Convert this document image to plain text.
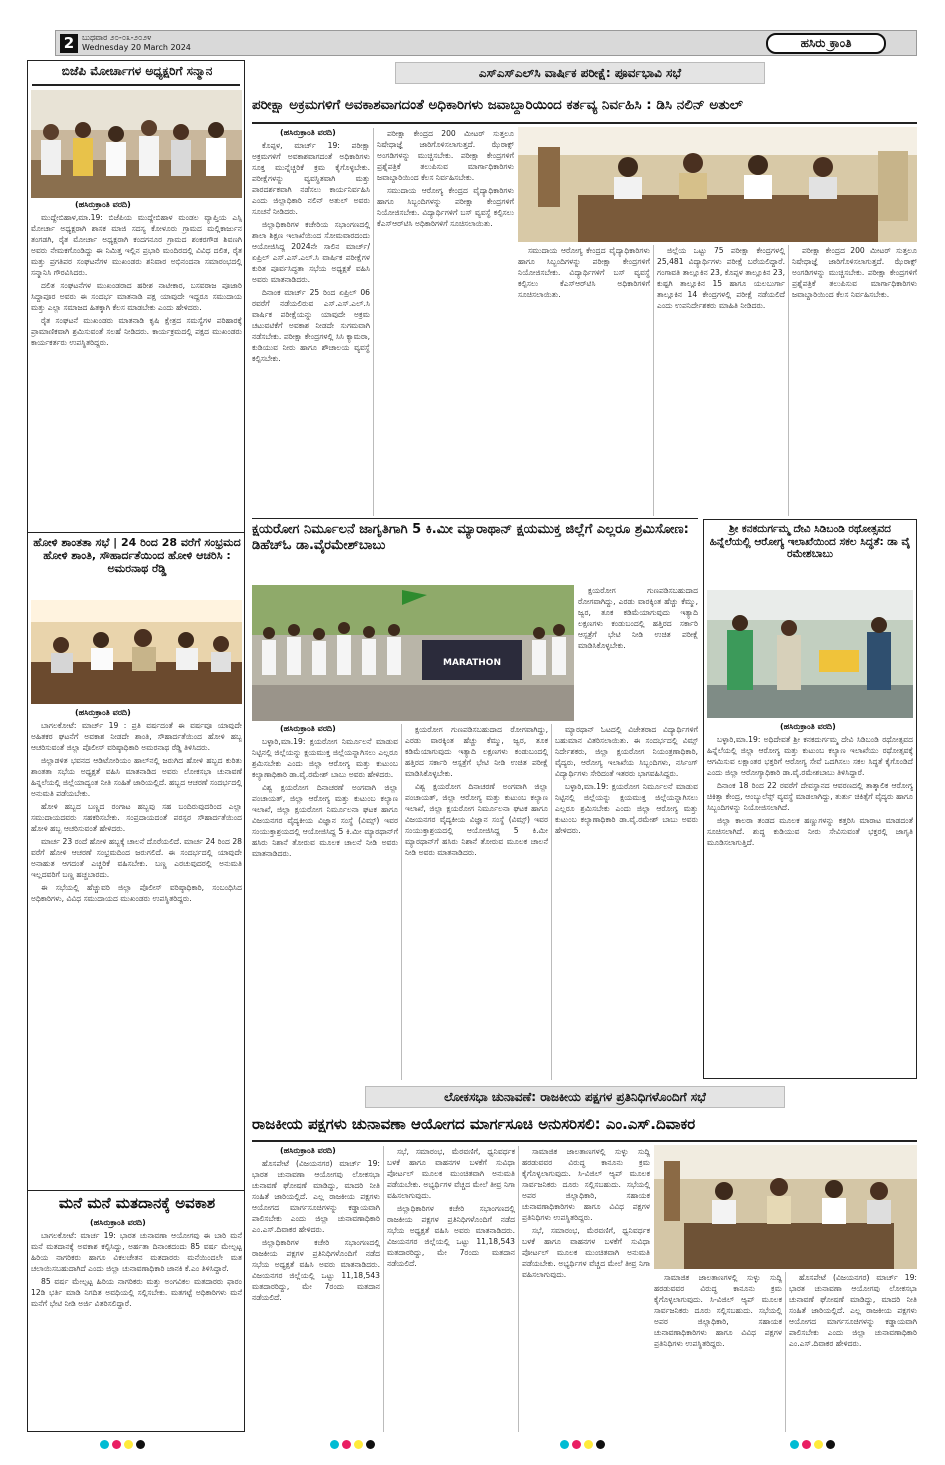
2 ಬುಧವಾರ ೨೦-೦೩-೨೦೨೪
Wednesday 20 March 2024	ಹಸಿರು ಕ್ರಾಂತಿ
ಬಿಜೆಪಿ ಮೋರ್ಚಾಗಳ ಅಧ್ಯಕ್ಷರಿಗೆ ಸನ್ಮಾನ
(ಹಸಿರುಕ್ರಾಂತಿ ವರದಿ)

ಮುದ್ದೇಬಿಹಾಳ,ಮಾ.19: ಬಿಜೆಪಿಯ ಮುದ್ದೇಬಿಹಾಳ ಮಂಡಲ ವ್ಯಾಪ್ತಿಯ ಎಸ್ಸಿ ಮೋರ್ಚಾ ಅಧ್ಯಕ್ಷರಾಗಿ ಶಾಸಕ ಮಾಜಿ ಸದಸ್ಯ ಕೋಳೂರು ಗ್ರಾಮದ ಮಲ್ಲಿಕಾರ್ಜುನ ತಂಗಡಗಿ, ರೈತ ಮೋರ್ಚಾ ಅಧ್ಯಕ್ಷರಾಗಿ ಕಂದಗನೂರ ಗ್ರಾಮದ ಶಂಕರಗೌಡ ಶಿವಣಗಿ ಅವರು ನೇಮಕಗೊಂಡಿದ್ದು ಈ ನಿಮಿತ್ತ ಇಲ್ಲಿನ ಪ್ರಭಾರಿ ಮಂದಿರದಲ್ಲಿ ವಿವಿಧ ದಲಿತ, ರೈತ ಮತ್ತು ಪ್ರಗತಿಪರ ಸಂಘಟನೆಗಳ ಮುಖಂಡರು ಶನಿವಾರ ಅಭಿನಂದನಾ ಸಮಾರಂಭದಲ್ಲಿ ಸನ್ಮಾನಿಸಿ ಗೌರವಿಸಿದರು.

ದಲಿತ ಸಂಘಟನೆಗಳ ಮುಖಂಡರಾದ ಹರೀಶ ನಾಟೀಕಾರ, ಬಸವರಾಜ ಪೂಜಾರಿ ಸಿದ್ದಾಪೂರ ಅವರು ಈ ಸಂದರ್ಭ ಮಾತನಾಡಿ ಪಕ್ಷ ಯಾವುದೇ ಇದ್ದರೂ ಸಮುದಾಯ ಮತ್ತು ಎಲ್ಲಾ ಸಮಾಜದ ಹಿತಕ್ಕಾಗಿ ಕೆಲಸ ಮಾಡಬೇಕು ಎಂದು ಹೇಳಿದರು.

ರೈತ ಸಂಘಟನೆ ಮುಖಂಡರು ಮಾತನಾಡಿ ಕೃಷಿ ಕ್ಷೇತ್ರದ ಸಮಸ್ಯೆಗಳ ಪರಿಹಾರಕ್ಕೆ ಪ್ರಾಮಾಣಿಕವಾಗಿ ಶ್ರಮಿಸುವಂತೆ ಸಲಹೆ ನೀಡಿದರು. ಕಾರ್ಯಕ್ರಮದಲ್ಲಿ ಪಕ್ಷದ ಮುಖಂಡರು ಕಾರ್ಯಕರ್ತರು ಉಪಸ್ಥಿತರಿದ್ದರು.

ಹೋಳಿ ಶಾಂತತಾ ಸಭೆ | 24 ರಿಂದ 28 ವರೆಗೆ ಸಂಭ್ರಮದ ಹೋಳಿ ಶಾಂತಿ, ಸೌಹಾರ್ದತೆಯಿಂದ ಹೋಳಿ ಆಚರಿಸಿ : ಅಮರನಾಥ ರೆಡ್ಡಿ
(ಹಸಿರುಕ್ರಾಂತಿ ವರದಿ)

ಬಾಗಲಕೋಟೆ: ಮಾರ್ಚ್ 19 : ಪ್ರತಿ ವರ್ಷದಂತೆ ಈ ವರ್ಷವೂ ಯಾವುದೇ ಅಹಿತಕರ ಘಟನೆಗೆ ಅವಕಾಶ ನೀಡದೇ ಶಾಂತಿ, ಸೌಹಾರ್ದತೆಯಿಂದ ಹೋಳಿ ಹಬ್ಬ ಆಚರಿಸುವಂತೆ ಜಿಲ್ಲಾ ಪೊಲೀಸ್ ವರಿಷ್ಠಾಧಿಕಾರಿ ಅಮರನಾಥ ರೆಡ್ಡಿ ತಿಳಿಸಿದರು.

ಜಿಲ್ಲಾಡಳಿತ ಭವನದ ಆಡಿಟೋರಿಯಂ ಹಾಲ್‌ನಲ್ಲಿ ಜರುಗಿದ ಹೋಳಿ ಹಬ್ಬದ ಕುರಿತು ಶಾಂತತಾ ಸಭೆಯ ಅಧ್ಯಕ್ಷತೆ ವಹಿಸಿ ಮಾತನಾಡಿದ ಅವರು ಲೋಕಸಭಾ ಚುನಾವಣೆ ಹಿನ್ನಲೆಯಲ್ಲಿ ಜಿಲ್ಲೆಯಾದ್ಯಂತ ನೀತಿ ಸಂಹಿತೆ ಜಾರಿಯಲ್ಲಿದೆ. ಹಬ್ಬದ ಆಚರಣೆ ಸಂದರ್ಭದಲ್ಲಿ ಅನುಮತಿ ಪಡೆಯಬೇಕು.

ಹೋಳಿ ಹಬ್ಬದ ಬಣ್ಣದ ರಂಗಾಟ ಹಬ್ಬವು ಸಹ ಬಂದಿರುವುದರಿಂದ ಎಲ್ಲಾ ಸಮುದಾಯದವರು ಸಹಕರಿಸಬೇಕು. ಸಂಪ್ರದಾಯದಂತೆ ಪರಸ್ಪರ ಸೌಹಾರ್ದತೆಯಿಂದ ಹೋಳಿ ಹಬ್ಬ ಆಚರಿಸುವಂತೆ ಹೇಳಿದರು.

ಮಾರ್ಚ 23 ರಂದೆ ಹೋಳಿ ಹಬ್ಬಕ್ಕೆ ಚಾಲನೆ ದೊರೆಯಲಿದೆ. ಮಾರ್ಚ 24 ರಿಂದ 28 ವರೆಗೆ ಹೋಳಿ ಆಚರಣೆ ಸಂಭ್ರಮದಿಂದ ಜರುಗಲಿದೆ. ಈ ಸಂದರ್ಭದಲ್ಲಿ ಯಾವುದೇ ಅನಾಹುತ ಆಗದಂತೆ ಎಚ್ಚರಿಕೆ ವಹಿಸಬೇಕು. ಬಣ್ಣ ಎರಚುವುದರಲ್ಲಿ ಅನುಮತಿ ಇಲ್ಲದವರಿಗೆ ಬಣ್ಣ ಹಚ್ಚಬಾರದು.

ಈ ಸಭೆಯಲ್ಲಿ ಹೆಚ್ಚುವರಿ ಜಿಲ್ಲಾ ಪೊಲೀಸ್ ವರಿಷ್ಠಾಧಿಕಾರಿ, ಸಂಬಂಧಿಸಿದ ಅಧಿಕಾರಿಗಳು, ವಿವಿಧ ಸಮುದಾಯದ ಮುಖಂಡರು ಉಪಸ್ಥಿತರಿದ್ದರು.

ಮನೆ ಮನೆ ಮತದಾನಕ್ಕೆ ಅವಕಾಶ
(ಹಸಿರುಕ್ರಾಂತಿ ವರದಿ)

ಬಾಗಲಕೋಟೆ: ಮಾರ್ಚ 19: ಭಾರತ ಚುನಾವಣಾ ಆಯೋಗವು ಈ ಬಾರಿ ಮನೆ ಮನೆ ಮತದಾನಕ್ಕೆ ಅವಕಾಶ ಕಲ್ಪಿಸಿದ್ದು, ಅರ್ಹತಾ ದಿನಾಂಕದಂದು 85 ವರ್ಷ ಮೇಲ್ಪಟ್ಟ ಹಿರಿಯ ನಾಗರಿಕರು ಹಾಗೂ ವಿಕಲಚೇತನ ಮತದಾರರು ಮನೆಯಿಂದಲೇ ಮತ ಚಲಾಯಿಸಬಹುದಾಗಿದೆ ಎಂದು ಜಿಲ್ಲಾ ಚುನಾವಣಾಧಿಕಾರಿ ಜಾನಕಿ ಕೆ.ಎಂ ತಿಳಿಸಿದ್ದಾರೆ.

85 ವರ್ಷ ಮೇಲ್ಪಟ್ಟ ಹಿರಿಯ ನಾಗರಿಕರು ಮತ್ತು ಅಂಗವಿಕಲ ಮತದಾರರು ಫಾರಂ 12ಡಿ ಭರ್ತಿ ಮಾಡಿ ನಿಗದಿತ ಅವಧಿಯಲ್ಲಿ ಸಲ್ಲಿಸಬೇಕು. ಮತಗಟ್ಟೆ ಅಧಿಕಾರಿಗಳು ಮನೆ ಮನೆಗೆ ಭೇಟಿ ನೀಡಿ ಅರ್ಜಿ ವಿತರಿಸಲಿದ್ದಾರೆ.

ಎಸ್‌ಎಸ್‌ಎಲ್‌ಸಿ ವಾರ್ಷಿಕ ಪರೀಕ್ಷೆ: ಪೂರ್ವಭಾವಿ ಸಭೆ
ಪರೀಕ್ಷಾ ಅಕ್ರಮಗಳಿಗೆ ಅವಕಾಶವಾಗದಂತೆ ಅಧಿಕಾರಿಗಳು ಜವಾಬ್ದಾರಿಯಿಂದ ಕರ್ತವ್ಯ ನಿರ್ವಹಿಸಿ : ಡಿಸಿ ನಲಿನ್ ಅತುಲ್
(ಹಸಿರುಕ್ರಾಂತಿ ವರದಿ)

ಕೊಪ್ಪಳ, ಮಾರ್ಚ್ 19: ಪರೀಕ್ಷಾ ಅಕ್ರಮಗಳಿಗೆ ಅವಕಾಶವಾಗದಂತೆ ಅಧಿಕಾರಿಗಳು ಸೂಕ್ತ ಮುನ್ನೆಚ್ಚರಿಕೆ ಕ್ರಮ ಕೈಗೊಳ್ಳಬೇಕು. ಪರೀಕ್ಷೆಗಳನ್ನು ವ್ಯವಸ್ಥಿತವಾಗಿ ಮತ್ತು ಪಾರದರ್ಶಕವಾಗಿ ನಡೆಸಲು ಕಾರ್ಯನಿರ್ವಹಿಸಿ ಎಂದು ಜಿಲ್ಲಾಧಿಕಾರಿ ನಲಿನ್ ಅತುಲ್ ಅವರು ಸೂಚನೆ ನೀಡಿದರು.

ಜಿಲ್ಲಾಧಿಕಾರಿಗಳ ಕಚೇರಿಯ ಸಭಾಂಗಣದಲ್ಲಿ ಶಾಲಾ ಶಿಕ್ಷಣ ಇಲಾಖೆಯಿಂದ ಸೋಮವಾರದಂದು ಆಯೋಜಿಸಿದ್ದ 2024ನೇ ಸಾಲಿನ ಮಾರ್ಚ್/ಏಪ್ರಿಲ್ ಎಸ್.ಎಸ್.ಎಲ್.ಸಿ ವಾರ್ಷಿಕ ಪರೀಕ್ಷೆಗಳ ಕುರಿತ ಪೂರ್ವಸಿದ್ಧತಾ ಸಭೆಯ ಅಧ್ಯಕ್ಷತೆ ವಹಿಸಿ ಅವರು ಮಾತನಾಡಿದರು.

ದಿನಾಂಕ ಮಾರ್ಚ್ 25 ರಿಂದ ಏಪ್ರಿಲ್ 06 ರವರೆಗೆ ನಡೆಯಲಿರುವ ಎಸ್.ಎಸ್.ಎಲ್.ಸಿ ವಾರ್ಷಿಕ ಪರೀಕ್ಷೆಯನ್ನು ಯಾವುದೇ ಅಕ್ರಮ ಚಟುವಟಿಕೆಗೆ ಅವಕಾಶ ನೀಡದೇ ಸುಗಮವಾಗಿ ನಡೆಸಬೇಕು. ಪರೀಕ್ಷಾ ಕೇಂದ್ರಗಳಲ್ಲಿ ಸಿಸಿ ಕ್ಯಾಮರಾ, ಕುಡಿಯುವ ನೀರು ಹಾಗೂ ಶೌಚಾಲಯ ವ್ಯವಸ್ಥೆ ಕಲ್ಪಿಸಬೇಕು.

ಪರೀಕ್ಷಾ ಕೇಂದ್ರದ 200 ಮೀಟರ್ ಸುತ್ತಲೂ ನಿಷೇಧಾಜ್ಞೆ ಜಾರಿಗೊಳಿಸಲಾಗುತ್ತದೆ. ಝೆರಾಕ್ಸ್ ಅಂಗಡಿಗಳನ್ನು ಮುಚ್ಚಿಸಬೇಕು. ಪರೀಕ್ಷಾ ಕೇಂದ್ರಗಳಿಗೆ ಪ್ರಶ್ನೆಪತ್ರಿಕೆ ತಲುಪಿಸುವ ಮಾರ್ಗಾಧಿಕಾರಿಗಳು ಜವಾಬ್ದಾರಿಯಿಂದ ಕೆಲಸ ನಿರ್ವಹಿಸಬೇಕು.

ಸಮುದಾಯ ಆರೋಗ್ಯ ಕೇಂದ್ರದ ವೈದ್ಯಾಧಿಕಾರಿಗಳು ಹಾಗೂ ಸಿಬ್ಬಂದಿಗಳನ್ನು ಪರೀಕ್ಷಾ ಕೇಂದ್ರಗಳಿಗೆ ನಿಯೋಜಿಸಬೇಕು. ವಿದ್ಯಾರ್ಥಿಗಳಿಗೆ ಬಸ್ ವ್ಯವಸ್ಥೆ ಕಲ್ಪಿಸಲು ಕೆಎಸ್‌ಆರ್‌ಟಿಸಿ ಅಧಿಕಾರಿಗಳಿಗೆ ಸೂಚಿಸಲಾಯಿತು.

ಸಮುದಾಯ ಆರೋಗ್ಯ ಕೇಂದ್ರದ ವೈದ್ಯಾಧಿಕಾರಿಗಳು ಹಾಗೂ ಸಿಬ್ಬಂದಿಗಳನ್ನು ಪರೀಕ್ಷಾ ಕೇಂದ್ರಗಳಿಗೆ ನಿಯೋಜಿಸಬೇಕು. ವಿದ್ಯಾರ್ಥಿಗಳಿಗೆ ಬಸ್ ವ್ಯವಸ್ಥೆ ಕಲ್ಪಿಸಲು ಕೆಎಸ್‌ಆರ್‌ಟಿಸಿ ಅಧಿಕಾರಿಗಳಿಗೆ ಸೂಚಿಸಲಾಯಿತು.

ಜಿಲ್ಲೆಯ ಒಟ್ಟು 75 ಪರೀಕ್ಷಾ ಕೇಂದ್ರಗಳಲ್ಲಿ 25,481 ವಿದ್ಯಾರ್ಥಿಗಳು ಪರೀಕ್ಷೆ ಬರೆಯಲಿದ್ದಾರೆ. ಗಂಗಾವತಿ ತಾಲ್ಲೂಕಿನ 23, ಕೊಪ್ಪಳ ತಾಲ್ಲೂಕಿನ 23, ಕುಷ್ಟಗಿ ತಾಲ್ಲೂಕಿನ 15 ಹಾಗೂ ಯಲಬುರ್ಗಾ ತಾಲ್ಲೂಕಿನ 14 ಕೇಂದ್ರಗಳಲ್ಲಿ ಪರೀಕ್ಷೆ ನಡೆಯಲಿದೆ ಎಂದು ಉಪನಿರ್ದೇಶಕರು ಮಾಹಿತಿ ನೀಡಿದರು.

ಪರೀಕ್ಷಾ ಕೇಂದ್ರದ 200 ಮೀಟರ್ ಸುತ್ತಲೂ ನಿಷೇಧಾಜ್ಞೆ ಜಾರಿಗೊಳಿಸಲಾಗುತ್ತದೆ. ಝೆರಾಕ್ಸ್ ಅಂಗಡಿಗಳನ್ನು ಮುಚ್ಚಿಸಬೇಕು. ಪರೀಕ್ಷಾ ಕೇಂದ್ರಗಳಿಗೆ ಪ್ರಶ್ನೆಪತ್ರಿಕೆ ತಲುಪಿಸುವ ಮಾರ್ಗಾಧಿಕಾರಿಗಳು ಜವಾಬ್ದಾರಿಯಿಂದ ಕೆಲಸ ನಿರ್ವಹಿಸಬೇಕು.

ಕ್ಷಯರೋಗ ನಿರ್ಮೂಲನೆ ಜಾಗೃತಿಗಾಗಿ 5 ಕಿ.ಮೀ ಮ್ಯಾರಾಥಾನ್ ಕ್ಷಯಮುಕ್ತ ಜಿಲ್ಲೆಗೆ ಎಲ್ಲರೂ ಶ್ರಮಿಸೋಣ: ಡಿಹೆಚ್‌ಓ ಡಾ.ವೈರಮೇಶ್‌ಬಾಬು
MARATHON

ಕ್ಷಯರೋಗ ಗುಣಪಡಿಸಬಹುದಾದ ರೋಗವಾಗಿದ್ದು, ಎರಡು ವಾರಕ್ಕಿಂತ ಹೆಚ್ಚು ಕೆಮ್ಮು, ಜ್ವರ, ತೂಕ ಕಡಿಮೆಯಾಗುವುದು ಇತ್ಯಾದಿ ಲಕ್ಷಣಗಳು ಕಂಡುಬಂದಲ್ಲಿ ಹತ್ತಿರದ ಸರ್ಕಾರಿ ಆಸ್ಪತ್ರೆಗೆ ಭೇಟಿ ನೀಡಿ ಉಚಿತ ಪರೀಕ್ಷೆ ಮಾಡಿಸಿಕೊಳ್ಳಬೇಕು.

(ಹಸಿರುಕ್ರಾಂತಿ ವರದಿ)

ಬಳ್ಳಾರಿ,ಮಾ.19: ಕ್ಷಯರೋಗ ನಿರ್ಮೂಲನೆ ಮಾಡುವ ನಿಟ್ಟಿನಲ್ಲಿ ಜಿಲ್ಲೆಯನ್ನು ಕ್ಷಯಮುಕ್ತ ಜಿಲ್ಲೆಯನ್ನಾಗಿಸಲು ಎಲ್ಲರೂ ಶ್ರಮಿಸಬೇಕು ಎಂದು ಜಿಲ್ಲಾ ಆರೋಗ್ಯ ಮತ್ತು ಕುಟುಂಬ ಕಲ್ಯಾಣಾಧಿಕಾರಿ ಡಾ.ವೈ.ರಮೇಶ್ ಬಾಬು ಅವರು ಹೇಳಿದರು.

ವಿಶ್ವ ಕ್ಷಯರೋಗ ದಿನಾಚರಣೆ ಅಂಗವಾಗಿ ಜಿಲ್ಲಾ ಪಂಚಾಯತ್, ಜಿಲ್ಲಾ ಆರೋಗ್ಯ ಮತ್ತು ಕುಟುಂಬ ಕಲ್ಯಾಣ ಇಲಾಖೆ, ಜಿಲ್ಲಾ ಕ್ಷಯರೋಗ ನಿರ್ಮೂಲನಾ ಘಟಕ ಹಾಗೂ ವಿಜಯನಗರ ವೈದ್ಯಕೀಯ ವಿಜ್ಞಾನ ಸಂಸ್ಥೆ (ವಿಮ್ಸ್) ಇವರ ಸಂಯುಕ್ತಾಶ್ರಯದಲ್ಲಿ ಆಯೋಜಿಸಿದ್ದ 5 ಕಿ.ಮೀ ಮ್ಯಾರಥಾನ್‌ಗೆ ಹಸಿರು ನಿಶಾನೆ ತೋರುವ ಮೂಲಕ ಚಾಲನೆ ನೀಡಿ ಅವರು ಮಾತನಾಡಿದರು.

ಕ್ಷಯರೋಗ ಗುಣಪಡಿಸಬಹುದಾದ ರೋಗವಾಗಿದ್ದು, ಎರಡು ವಾರಕ್ಕಿಂತ ಹೆಚ್ಚು ಕೆಮ್ಮು, ಜ್ವರ, ತೂಕ ಕಡಿಮೆಯಾಗುವುದು ಇತ್ಯಾದಿ ಲಕ್ಷಣಗಳು ಕಂಡುಬಂದಲ್ಲಿ ಹತ್ತಿರದ ಸರ್ಕಾರಿ ಆಸ್ಪತ್ರೆಗೆ ಭೇಟಿ ನೀಡಿ ಉಚಿತ ಪರೀಕ್ಷೆ ಮಾಡಿಸಿಕೊಳ್ಳಬೇಕು.

ವಿಶ್ವ ಕ್ಷಯರೋಗ ದಿನಾಚರಣೆ ಅಂಗವಾಗಿ ಜಿಲ್ಲಾ ಪಂಚಾಯತ್, ಜಿಲ್ಲಾ ಆರೋಗ್ಯ ಮತ್ತು ಕುಟುಂಬ ಕಲ್ಯಾಣ ಇಲಾಖೆ, ಜಿಲ್ಲಾ ಕ್ಷಯರೋಗ ನಿರ್ಮೂಲನಾ ಘಟಕ ಹಾಗೂ ವಿಜಯನಗರ ವೈದ್ಯಕೀಯ ವಿಜ್ಞಾನ ಸಂಸ್ಥೆ (ವಿಮ್ಸ್) ಇವರ ಸಂಯುಕ್ತಾಶ್ರಯದಲ್ಲಿ ಆಯೋಜಿಸಿದ್ದ 5 ಕಿ.ಮೀ ಮ್ಯಾರಥಾನ್‌ಗೆ ಹಸಿರು ನಿಶಾನೆ ತೋರುವ ಮೂಲಕ ಚಾಲನೆ ನೀಡಿ ಅವರು ಮಾತನಾಡಿದರು.

ಮ್ಯಾರಥಾನ್ ಓಟದಲ್ಲಿ ವಿಜೇತರಾದ ವಿದ್ಯಾರ್ಥಿಗಳಿಗೆ ಬಹುಮಾನ ವಿತರಿಸಲಾಯಿತು. ಈ ಸಂದರ್ಭದಲ್ಲಿ ವಿಮ್ಸ್ ನಿರ್ದೇಶಕರು, ಜಿಲ್ಲಾ ಕ್ಷಯರೋಗ ನಿಯಂತ್ರಣಾಧಿಕಾರಿ, ವೈದ್ಯರು, ಆರೋಗ್ಯ ಇಲಾಖೆಯ ಸಿಬ್ಬಂದಿಗಳು, ನರ್ಸಿಂಗ್ ವಿದ್ಯಾರ್ಥಿಗಳು ಸೇರಿದಂತೆ ಇತರರು ಭಾಗವಹಿಸಿದ್ದರು.

ಬಳ್ಳಾರಿ,ಮಾ.19: ಕ್ಷಯರೋಗ ನಿರ್ಮೂಲನೆ ಮಾಡುವ ನಿಟ್ಟಿನಲ್ಲಿ ಜಿಲ್ಲೆಯನ್ನು ಕ್ಷಯಮುಕ್ತ ಜಿಲ್ಲೆಯನ್ನಾಗಿಸಲು ಎಲ್ಲರೂ ಶ್ರಮಿಸಬೇಕು ಎಂದು ಜಿಲ್ಲಾ ಆರೋಗ್ಯ ಮತ್ತು ಕುಟುಂಬ ಕಲ್ಯಾಣಾಧಿಕಾರಿ ಡಾ.ವೈ.ರಮೇಶ್ ಬಾಬು ಅವರು ಹೇಳಿದರು.

ಶ್ರೀ ಕನಕದುರ್ಗಮ್ಮ ದೇವಿ ಸಿಡಿಬಂಡಿ ರಥೋತ್ಸವದ ಹಿನ್ನೆಲೆಯಲ್ಲಿ ಆರೋಗ್ಯ ಇಲಾಖೆಯಿಂದ ಸಕಲ ಸಿದ್ಧತೆ: ಡಾ ವೈ ರಮೇಶಬಾಬು
(ಹಸಿರುಕ್ರಾಂತಿ ವರದಿ)

ಬಳ್ಳಾರಿ,ಮಾ.19: ಅಧಿದೇವತೆ ಶ್ರೀ ಕನಕದುರ್ಗಮ್ಮ ದೇವಿ ಸಿಡಿಬಂಡಿ ರಥೋತ್ಸವದ ಹಿನ್ನೆಲೆಯಲ್ಲಿ ಜಿಲ್ಲಾ ಆರೋಗ್ಯ ಮತ್ತು ಕುಟುಂಬ ಕಲ್ಯಾಣ ಇಲಾಖೆಯು ರಥೋತ್ಸವಕ್ಕೆ ಆಗಮಿಸುವ ಲಕ್ಷಾಂತರ ಭಕ್ತರಿಗೆ ಆರೋಗ್ಯ ಸೇವೆ ಒದಗಿಸಲು ಸಕಲ ಸಿದ್ಧತೆ ಕೈಗೊಂಡಿದೆ ಎಂದು ಜಿಲ್ಲಾ ಆರೋಗ್ಯಾಧಿಕಾರಿ ಡಾ.ವೈ.ರಮೇಶಬಾಬು ತಿಳಿಸಿದ್ದಾರೆ.

ದಿನಾಂಕ 18 ರಿಂದ 22 ರವರೆಗೆ ದೇವಸ್ಥಾನದ ಆವರಣದಲ್ಲಿ ತಾತ್ಕಾಲಿಕ ಆರೋಗ್ಯ ಚಿಕಿತ್ಸಾ ಕೇಂದ್ರ, ಆಂಬ್ಯುಲೆನ್ಸ್ ವ್ಯವಸ್ಥೆ ಮಾಡಲಾಗಿದ್ದು, ತುರ್ತು ಚಿಕಿತ್ಸೆಗೆ ವೈದ್ಯರು ಹಾಗೂ ಸಿಬ್ಬಂದಿಗಳನ್ನು ನಿಯೋಜಿಸಲಾಗಿದೆ.

ಜಿಲ್ಲಾ ಕಾಲರಾ ತಂಡದ ಮೂಲಕ ಹಣ್ಣುಗಳನ್ನು ಕತ್ತರಿಸಿ ಮಾರಾಟ ಮಾಡದಂತೆ ಸೂಚಿಸಲಾಗಿದೆ. ಶುದ್ಧ ಕುಡಿಯುವ ನೀರು ಸೇವಿಸುವಂತೆ ಭಕ್ತರಲ್ಲಿ ಜಾಗೃತಿ ಮೂಡಿಸಲಾಗುತ್ತಿದೆ.

ಲೋಕಸಭಾ ಚುನಾವಣೆ: ರಾಜಕೀಯ ಪಕ್ಷಗಳ ಪ್ರತಿನಿಧಿಗಳೊಂದಿಗೆ ಸಭೆ
ರಾಜಕೀಯ ಪಕ್ಷಗಳು ಚುನಾವಣಾ ಆಯೋಗದ ಮಾರ್ಗಸೂಚಿ ಅನುಸರಿಸಲಿ: ಎಂ.ಎಸ್.ದಿವಾಕರ
(ಹಸಿರುಕ್ರಾಂತಿ ವರದಿ)

ಹೊಸಪೇಟೆ (ವಿಜಯನಗರ) ಮಾರ್ಚ್ 19: ಭಾರತ ಚುನಾವಣಾ ಆಯೋಗವು ಲೋಕಸಭಾ ಚುನಾವಣೆ ಘೋಷಣೆ ಮಾಡಿದ್ದು, ಮಾದರಿ ನೀತಿ ಸಂಹಿತೆ ಜಾರಿಯಲ್ಲಿದೆ. ಎಲ್ಲ ರಾಜಕೀಯ ಪಕ್ಷಗಳು ಆಯೋಗದ ಮಾರ್ಗಸೂಚಿಗಳನ್ನು ಕಡ್ಡಾಯವಾಗಿ ಪಾಲಿಸಬೇಕು ಎಂದು ಜಿಲ್ಲಾ ಚುನಾವಣಾಧಿಕಾರಿ ಎಂ.ಎಸ್.ದಿವಾಕರ ಹೇಳಿದರು.

ಜಿಲ್ಲಾಧಿಕಾರಿಗಳ ಕಚೇರಿ ಸಭಾಂಗಣದಲ್ಲಿ ರಾಜಕೀಯ ಪಕ್ಷಗಳ ಪ್ರತಿನಿಧಿಗಳೊಂದಿಗೆ ನಡೆದ ಸಭೆಯ ಅಧ್ಯಕ್ಷತೆ ವಹಿಸಿ ಅವರು ಮಾತನಾಡಿದರು. ವಿಜಯನಗರ ಜಿಲ್ಲೆಯಲ್ಲಿ ಒಟ್ಟು 11,18,543 ಮತದಾರರಿದ್ದು, ಮೇ 7ರಂದು ಮತದಾನ ನಡೆಯಲಿದೆ.

ಸಭೆ, ಸಮಾರಂಭ, ಮೆರವಣಿಗೆ, ಧ್ವನಿವರ್ಧಕ ಬಳಕೆ ಹಾಗೂ ವಾಹನಗಳ ಬಳಕೆಗೆ ಸುವಿಧಾ ಪೋರ್ಟಲ್ ಮೂಲಕ ಮುಂಚಿತವಾಗಿ ಅನುಮತಿ ಪಡೆಯಬೇಕು. ಅಭ್ಯರ್ಥಿಗಳ ವೆಚ್ಚದ ಮೇಲೆ ತೀವ್ರ ನಿಗಾ ವಹಿಸಲಾಗುವುದು.

ಜಿಲ್ಲಾಧಿಕಾರಿಗಳ ಕಚೇರಿ ಸಭಾಂಗಣದಲ್ಲಿ ರಾಜಕೀಯ ಪಕ್ಷಗಳ ಪ್ರತಿನಿಧಿಗಳೊಂದಿಗೆ ನಡೆದ ಸಭೆಯ ಅಧ್ಯಕ್ಷತೆ ವಹಿಸಿ ಅವರು ಮಾತನಾಡಿದರು. ವಿಜಯನಗರ ಜಿಲ್ಲೆಯಲ್ಲಿ ಒಟ್ಟು 11,18,543 ಮತದಾರರಿದ್ದು, ಮೇ 7ರಂದು ಮತದಾನ ನಡೆಯಲಿದೆ.

ಸಾಮಾಜಿಕ ಜಾಲತಾಣಗಳಲ್ಲಿ ಸುಳ್ಳು ಸುದ್ದಿ ಹರಡುವವರ ವಿರುದ್ಧ ಕಾನೂನು ಕ್ರಮ ಕೈಗೊಳ್ಳಲಾಗುವುದು. ಸಿ-ವಿಜಿಲ್ ಆ್ಯಪ್ ಮೂಲಕ ಸಾರ್ವಜನಿಕರು ದೂರು ಸಲ್ಲಿಸಬಹುದು. ಸಭೆಯಲ್ಲಿ ಅಪರ ಜಿಲ್ಲಾಧಿಕಾರಿ, ಸಹಾಯಕ ಚುನಾವಣಾಧಿಕಾರಿಗಳು ಹಾಗೂ ವಿವಿಧ ಪಕ್ಷಗಳ ಪ್ರತಿನಿಧಿಗಳು ಉಪಸ್ಥಿತರಿದ್ದರು.

ಸಭೆ, ಸಮಾರಂಭ, ಮೆರವಣಿಗೆ, ಧ್ವನಿವರ್ಧಕ ಬಳಕೆ ಹಾಗೂ ವಾಹನಗಳ ಬಳಕೆಗೆ ಸುವಿಧಾ ಪೋರ್ಟಲ್ ಮೂಲಕ ಮುಂಚಿತವಾಗಿ ಅನುಮತಿ ಪಡೆಯಬೇಕು. ಅಭ್ಯರ್ಥಿಗಳ ವೆಚ್ಚದ ಮೇಲೆ ತೀವ್ರ ನಿಗಾ ವಹಿಸಲಾಗುವುದು.	ಸಾಮಾಜಿಕ ಜಾಲತಾಣಗಳಲ್ಲಿ ಸುಳ್ಳು ಸುದ್ದಿ ಹರಡುವವರ ವಿರುದ್ಧ ಕಾನೂನು ಕ್ರಮ ಕೈಗೊಳ್ಳಲಾಗುವುದು. ಸಿ-ವಿಜಿಲ್ ಆ್ಯಪ್ ಮೂಲಕ ಸಾರ್ವಜನಿಕರು ದೂರು ಸಲ್ಲಿಸಬಹುದು. ಸಭೆಯಲ್ಲಿ ಅಪರ ಜಿಲ್ಲಾಧಿಕಾರಿ, ಸಹಾಯಕ ಚುನಾವಣಾಧಿಕಾರಿಗಳು ಹಾಗೂ ವಿವಿಧ ಪಕ್ಷಗಳ ಪ್ರತಿನಿಧಿಗಳು ಉಪಸ್ಥಿತರಿದ್ದರು.

ಹೊಸಪೇಟೆ (ವಿಜಯನಗರ) ಮಾರ್ಚ್ 19: ಭಾರತ ಚುನಾವಣಾ ಆಯೋಗವು ಲೋಕಸಭಾ ಚುನಾವಣೆ ಘೋಷಣೆ ಮಾಡಿದ್ದು, ಮಾದರಿ ನೀತಿ ಸಂಹಿತೆ ಜಾರಿಯಲ್ಲಿದೆ. ಎಲ್ಲ ರಾಜಕೀಯ ಪಕ್ಷಗಳು ಆಯೋಗದ ಮಾರ್ಗಸೂಚಿಗಳನ್ನು ಕಡ್ಡಾಯವಾಗಿ ಪಾಲಿಸಬೇಕು ಎಂದು ಜಿಲ್ಲಾ ಚುನಾವಣಾಧಿಕಾರಿ ಎಂ.ಎಸ್.ದಿವಾಕರ ಹೇಳಿದರು.
